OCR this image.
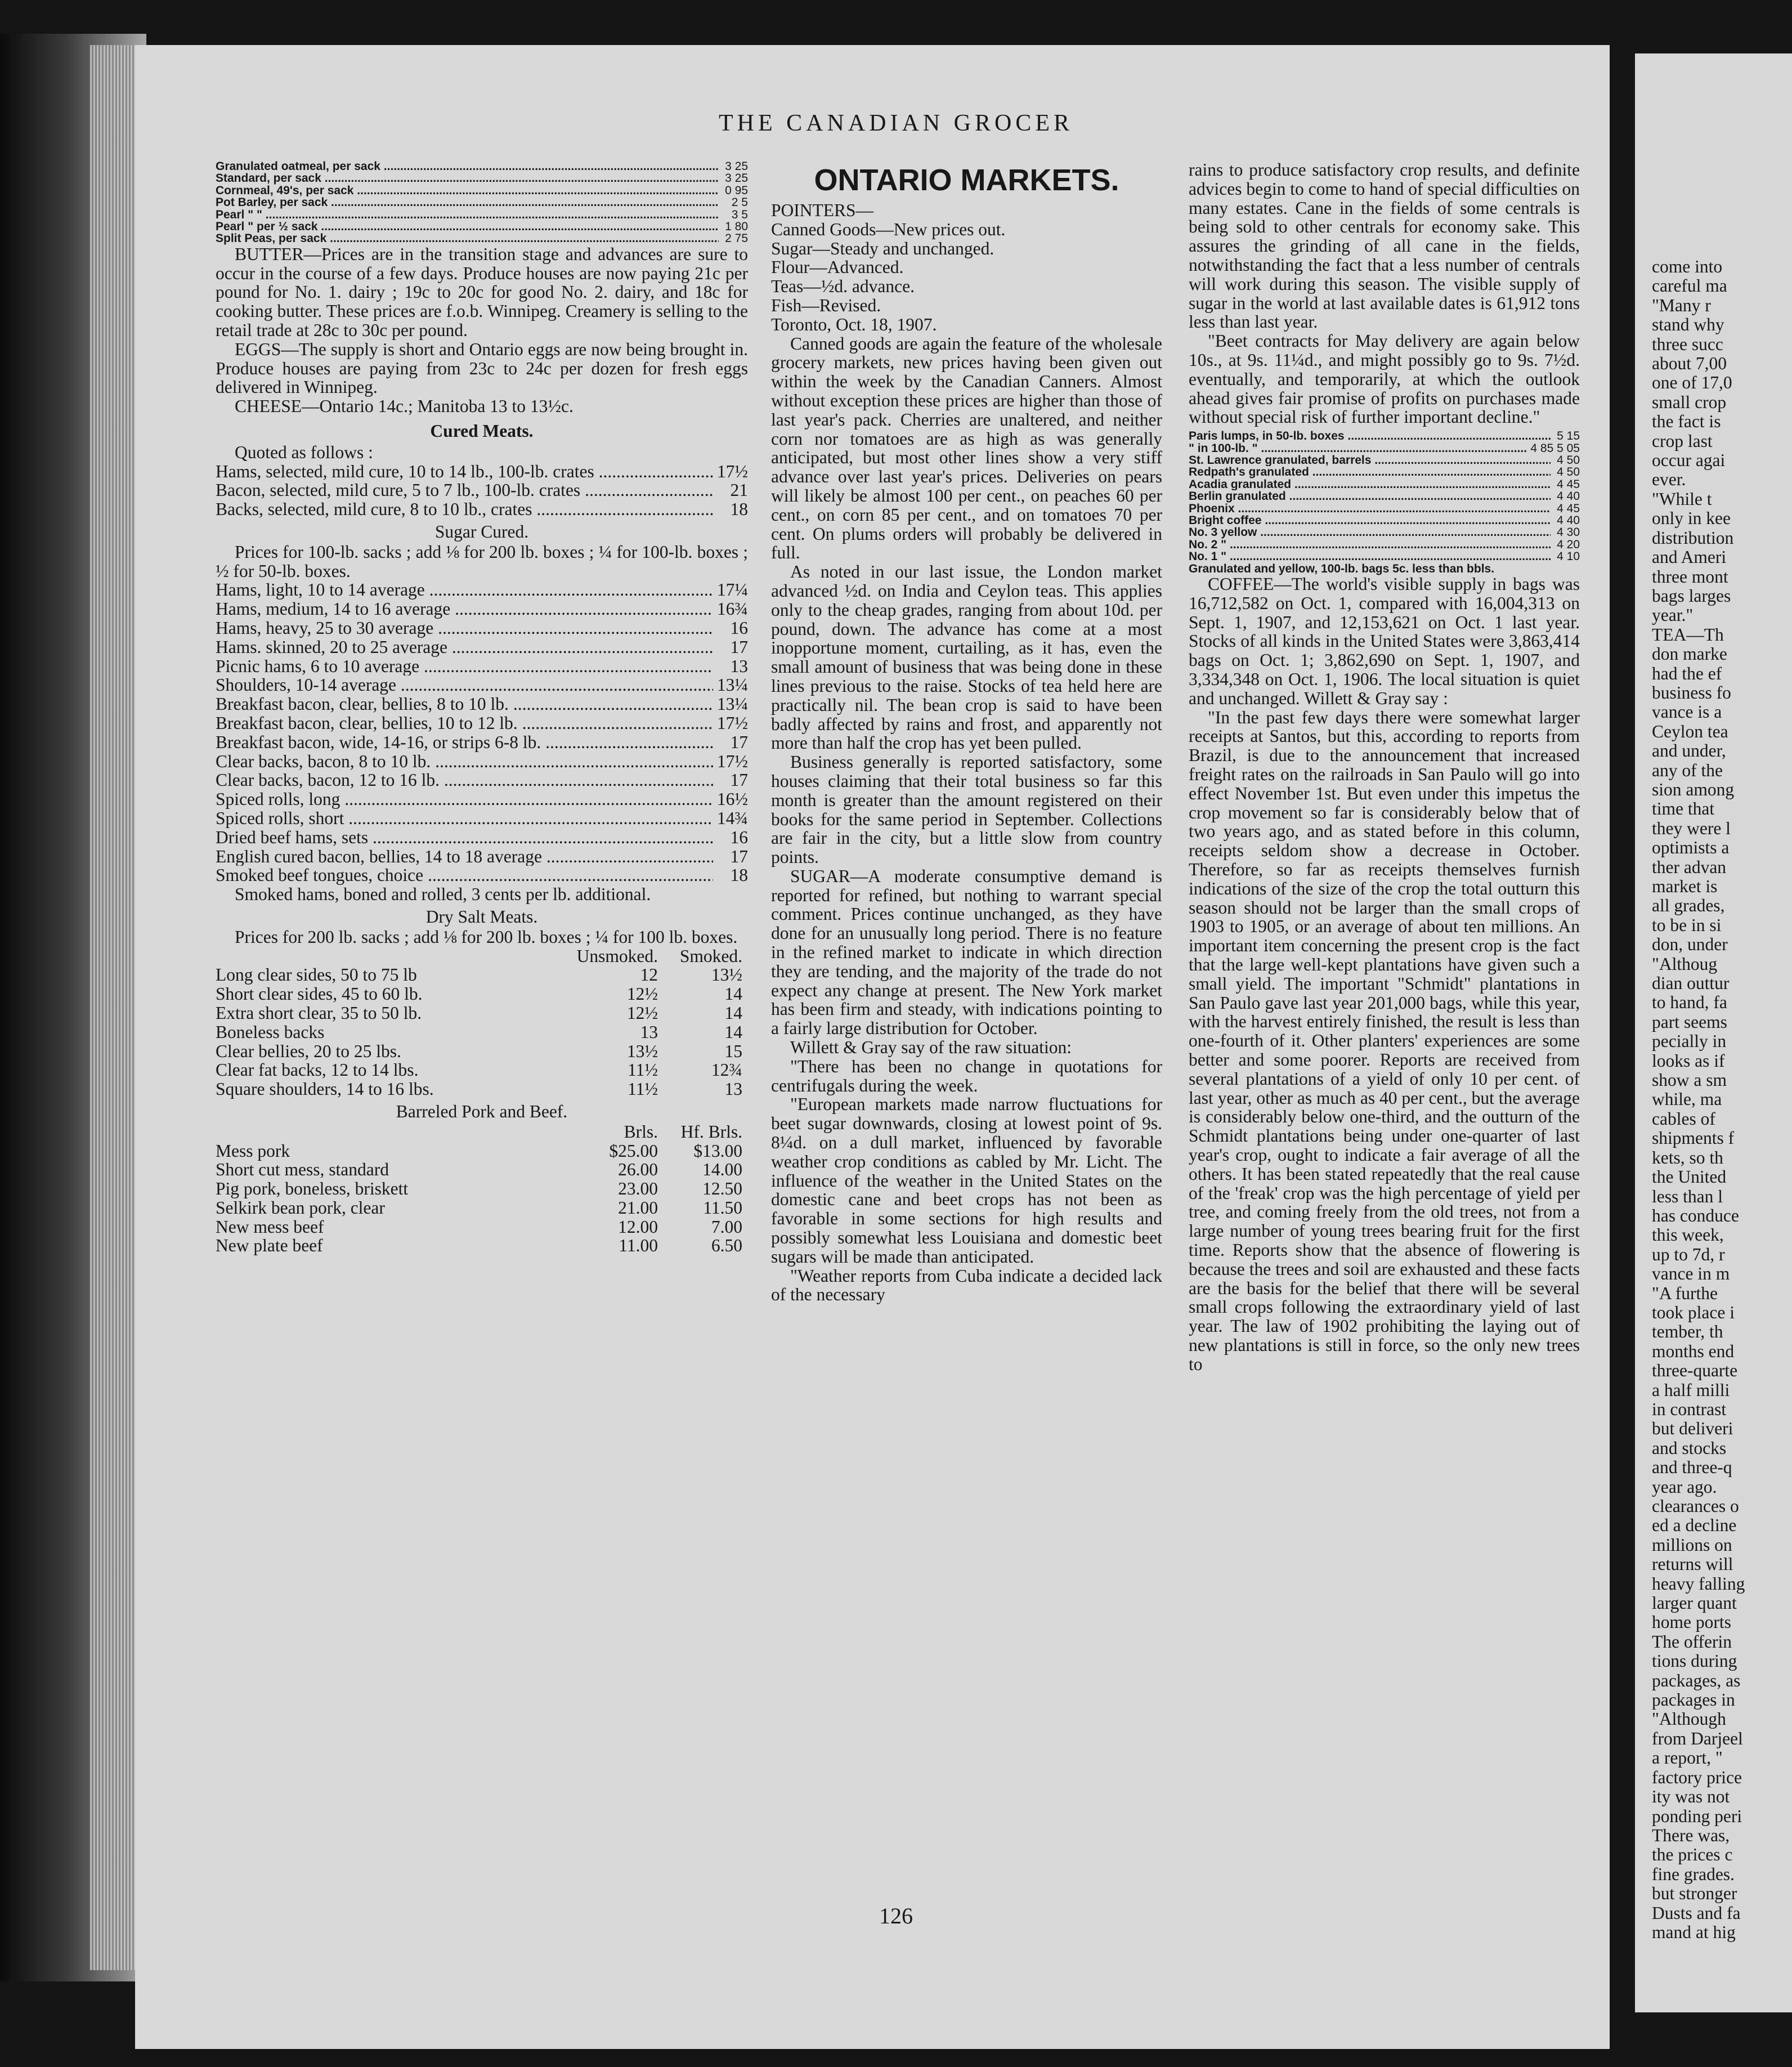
THE CANADIAN GROCER
Granulated oatmeal, per sack .....	3 25
Standard, per sack .....	3 25
Cornmeal, 49's, per sack .....	0 95
Pot Barley, per sack .....	2 5
Pearl " " .....	3 5
Pearl " per ½ sack .....	1 80
Split Peas, per sack .....	2 75

BUTTER—Prices are in the transition stage and advances are sure to occur in the course of a few days. Produce houses are now paying 21c per pound for No. 1. dairy ; 19c to 20c for good No. 2. dairy, and 18c for cooking butter. These prices are f.o.b. Winnipeg. Creamery is selling to the retail trade at 28c to 30c per pound.

EGGS—The supply is short and Ontario eggs are now being brought in. Produce houses are paying from 23c to 24c per dozen for fresh eggs delivered in Winnipeg.

CHEESE—Ontario 14c.; Manitoba 13 to 13½c.

Cured Meats.

Quoted as follows :

Hams, selected, mild cure, 10 to 14 lb., 100-lb. crates .....	17½
Bacon, selected, mild cure, 5 to 7 lb., 100-lb. crates .....	21
Backs, selected, mild cure, 8 to 10 lb., crates .....	18
Sugar Cured.

Prices for 100-lb. sacks ; add ⅛ for 200 lb. boxes ; ¼ for 100-lb. boxes ; ½ for 50-lb. boxes.

Hams, light, 10 to 14 average .....	17¼
Hams, medium, 14 to 16 average .....	16¾
Hams, heavy, 25 to 30 average .....	16
Hams. skinned, 20 to 25 average .....	17
Picnic hams, 6 to 10 average .....	13
Shoulders, 10-14 average .....	13¼
Breakfast bacon, clear, bellies, 8 to 10 lb. .....	13¼
Breakfast bacon, clear, bellies, 10 to 12 lb. .....	17½
Breakfast bacon, wide, 14-16, or strips 6-8 lb. .....	17
Clear backs, bacon, 8 to 10 lb. .....	17½
Clear backs, bacon, 12 to 16 lb. .....	17
Spiced rolls, long .....	16½
Spiced rolls, short .....	14¾
Dried beef hams, sets .....	16
English cured bacon, bellies, 14 to 18 average .....	17
Smoked beef tongues, choice .....	18

Smoked hams, boned and rolled, 3 cents per lb. additional.

Dry Salt Meats.

Prices for 200 lb. sacks ; add ⅛ for 200 lb. boxes ; ¼ for 100 lb. boxes.

Unsmoked.	Smoked.
Long clear sides, 50 to 75 lb	12	13½
Short clear sides, 45 to 60 lb.	12½	14
Extra short clear, 35 to 50 lb.	12½	14
Boneless backs	13	14
Clear bellies, 20 to 25 lbs.	13½	15
Clear fat backs, 12 to 14 lbs.	11½	12¾
Square shoulders, 14 to 16 lbs.	11½	13
Barreled Pork and Beef.
Brls.	Hf. Brls.
Mess pork	$25.00	$13.00
Short cut mess, standard	26.00	14.00
Pig pork, boneless, briskett	23.00	12.50
Selkirk bean pork, clear	21.00	11.50
New mess beef	12.00	7.00
New plate beef	11.00	6.50
ONTARIO MARKETS.

POINTERS—

Canned Goods—New prices out.

Sugar—Steady and unchanged.

Flour—Advanced.

Teas—½d. advance.

Fish—Revised.

Toronto, Oct. 18, 1907.

Canned goods are again the feature of the wholesale grocery markets, new prices having been given out within the week by the Canadian Canners. Almost without exception these prices are higher than those of last year's pack. Cherries are unaltered, and neither corn nor tomatoes are as high as was generally anticipated, but most other lines show a very stiff advance over last year's prices. Deliveries on pears will likely be almost 100 per cent., on peaches 60 per cent., on corn 85 per cent., and on tomatoes 70 per cent. On plums orders will probably be delivered in full.

As noted in our last issue, the London market advanced ½d. on India and Ceylon teas. This applies only to the cheap grades, ranging from about 10d. per pound, down. The advance has come at a most inopportune moment, curtailing, as it has, even the small amount of business that was being done in these lines previous to the raise. Stocks of tea held here are practically nil. The bean crop is said to have been badly affected by rains and frost, and apparently not more than half the crop has yet been pulled.

Business generally is reported satisfactory, some houses claiming that their total business so far this month is greater than the amount registered on their books for the same period in September. Collections are fair in the city, but a little slow from country points.

SUGAR—A moderate consumptive demand is reported for refined, but nothing to warrant special comment. Prices continue unchanged, as they have done for an unusually long period. There is no feature in the refined market to indicate in which direction they are tending, and the majority of the trade do not expect any change at present. The New York market has been firm and steady, with indications pointing to a fairly large distribution for October.

Willett & Gray say of the raw situation:

"There has been no change in quotations for centrifugals during the week.

"European markets made narrow fluctuations for beet sugar downwards, closing at lowest point of 9s. 8¼d. on a dull market, influenced by favorable weather crop conditions as cabled by Mr. Licht. The influence of the weather in the United States on the domestic cane and beet crops has not been as favorable in some sections for high results and possibly somewhat less Louisiana and domestic beet sugars will be made than anticipated.

"Weather reports from Cuba indicate a decided lack of the necessary

rains to produce satisfactory crop results, and definite advices begin to come to hand of special difficulties on many estates. Cane in the fields of some centrals is being sold to other centrals for economy sake. This assures the grinding of all cane in the fields, notwithstanding the fact that a less number of centrals will work during this season. The visible supply of sugar in the world at last available dates is 61,912 tons less than last year.

"Beet contracts for May delivery are again below 10s., at 9s. 11¼d., and might possibly go to 9s. 7½d. eventually, and temporarily, at which the outlook ahead gives fair promise of profits on purchases made without special risk of further important decline."

Paris lumps, in 50-lb. boxes .....	5 15
" in 100-lb. " .....	4 85 5 05
St. Lawrence granulated, barrels .....	4 50
Redpath's granulated .....	4 50
Acadia granulated .....	4 45
Berlin granulated .....	4 40
Phoenix .....	4 45
Bright coffee .....	4 40
No. 3 yellow .....	4 30
No. 2 " .....	4 20
No. 1 " .....	4 10

Granulated and yellow, 100-lb. bags 5c. less than bbls.

COFFEE—The world's visible supply in bags was 16,712,582 on Oct. 1, compared with 16,004,313 on Sept. 1, 1907, and 12,153,621 on Oct. 1 last year. Stocks of all kinds in the United States were 3,863,414 bags on Oct. 1; 3,862,690 on Sept. 1, 1907, and 3,334,348 on Oct. 1, 1906. The local situation is quiet and unchanged. Willett & Gray say :

"In the past few days there were somewhat larger receipts at Santos, but this, according to reports from Brazil, is due to the announcement that increased freight rates on the railroads in San Paulo will go into effect November 1st. But even under this impetus the crop movement so far is considerably below that of two years ago, and as stated before in this column, receipts seldom show a decrease in October. Therefore, so far as receipts themselves furnish indications of the size of the crop the total outturn this season should not be larger than the small crops of 1903 to 1905, or an average of about ten millions. An important item concerning the present crop is the fact that the large well-kept plantations have given such a small yield. The important "Schmidt" plantations in San Paulo gave last year 201,000 bags, while this year, with the harvest entirely finished, the result is less than one-fourth of it. Other planters' experiences are some better and some poorer. Reports are received from several plantations of a yield of only 10 per cent. of last year, other as much as 40 per cent., but the average is considerably below one-third, and the outturn of the Schmidt plantations being under one-quarter of last year's crop, ought to indicate a fair average of all the others. It has been stated repeatedly that the real cause of the 'freak' crop was the high percentage of yield per tree, and coming freely from the old trees, not from a large number of young trees bearing fruit for the first time. Reports show that the absence of flowering is because the trees and soil are exhausted and these facts are the basis for the belief that there will be several small crops following the extraordinary yield of last year. The law of 1902 prohibiting the laying out of new plantations is still in force, so the only new trees to

126

come into

careful ma

"Many r

stand why

three succ

about 7,00

one of 17,0

small crop

the fact is

crop last

occur agai

ever.

"While t

only in kee

distribution

and Ameri

three mont

bags larges

year."

TEA—Th

don marke

had the ef

business fo

vance is a

Ceylon tea

and under,

any of the

sion among

time that

they were l

optimists a

ther advan

market is

all grades,

to be in si

don, under

"Althoug

dian outtur

to hand, fa

part seems

pecially in

looks as if

show a sm

while, ma

cables of

shipments f

kets, so th

the United

less than l

has conduce

this week,

up to 7d, r

vance in m

"A furthe

took place i

tember, th

months end

three-quarte

a half milli

in contrast

but deliveri

and stocks

and three-q

year ago.

clearances o

ed a decline

millions on

returns will

heavy falling

larger quant

home ports

The offerin

tions during

packages, as

packages in

"Although

from Darjeel

a report, "

factory price

ity was not

ponding peri

There was,

the prices c

fine grades.

but stronger

Dusts and fa

mand at hig
